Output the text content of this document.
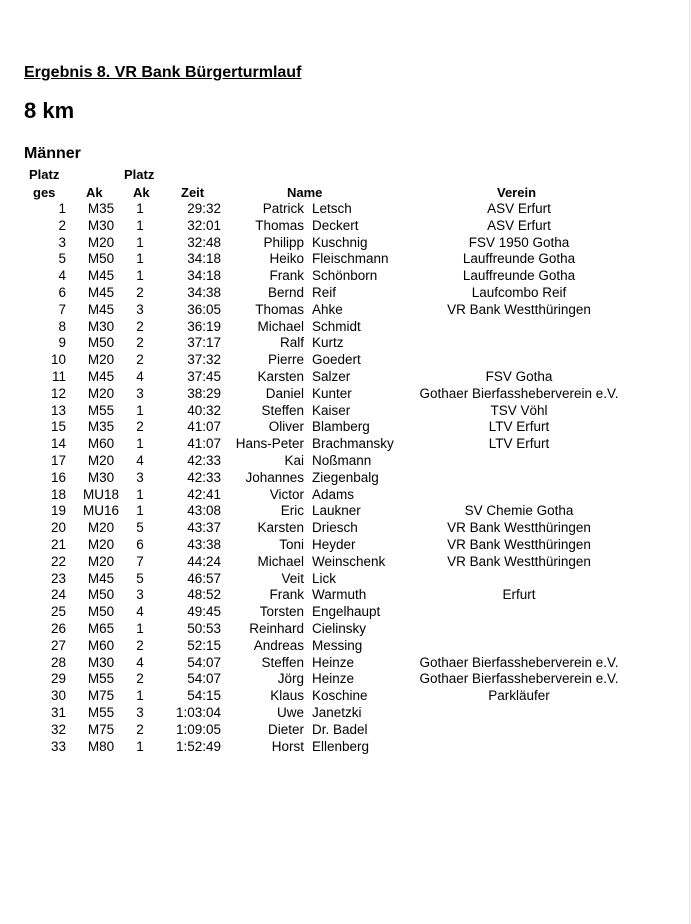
Ergebnis 8. VR Bank Bürgerturmlauf
8 km
Männer
Platz
ges Ak
Platz
Ak Zeit	Name	Verein
1	M35	1	29:32	Patrick Letsch	ASV Erfurt
2	M30	1	32:01	Thomas Deckert	ASV Erfurt
3	M20	1	32:48	Philipp Kuschnig	FSV 1950 Gotha
5	M50	1	34:18	Heiko Fleischmann	Lauffreunde Gotha
4	M45	1	34:18	Frank Schönborn	Lauffreunde Gotha
6	M45	2	34:38	Bernd Reif	Laufcombo Reif
7	M45	3	36:05	Thomas Ahke	VR Bank Westthüringen
8	M30	2	36:19	Michael Schmidt
9	M50	2	37:17	Ralf Kurtz
10	M20	2	37:32	Pierre Goedert
11	M45	4	37:45	Karsten Salzer	FSV Gotha
12	M20	3	38:29	Daniel Kunter	Gothaer Bierfassheberverein e.V.
13	M55	1	40:32	Steffen Kaiser	TSV Vöhl
15	M35	2	41:07	Oliver Blamberg	LTV Erfurt
14	M60	1	41:07 Hans-Peter Brachmansky	LTV Erfurt
17	M20	4	42:33	Kai Noßmann
16	M30	3	42:33 Johannes Ziegenbalg
18	MU18	1	42:41	Victor Adams
19	MU16	1	43:08	Eric Laukner	SV Chemie Gotha
20	M20	5	43:37	Karsten Driesch	VR Bank Westthüringen
21	M20	6	43:38	Toni Heyder	VR Bank Westthüringen
22	M20	7	44:24	Michael Weinschenk	VR Bank Westthüringen
23	M45	5	46:57	Veit Lick
24	M50	3	48:52	Frank Warmuth	Erfurt
25	M50	4	49:45	Torsten Engelhaupt
26	M65	1	50:53 Reinhard Cielinsky
27	M60	2	52:15 Andreas Messing
28	M30	4	54:07	Steffen Heinze	Gothaer Bierfassheberverein e.V.
29	M55	2	54:07	Jörg Heinze	Gothaer Bierfassheberverein e.V.
30	M75	1	54:15	Klaus Koschine	Parkläufer
31	M55	3	1:03:04	Uwe Janetzki
32	M75	2	1:09:05	Dieter Dr. Badel
33	M80	1	1:52:49	Horst Ellenberg
